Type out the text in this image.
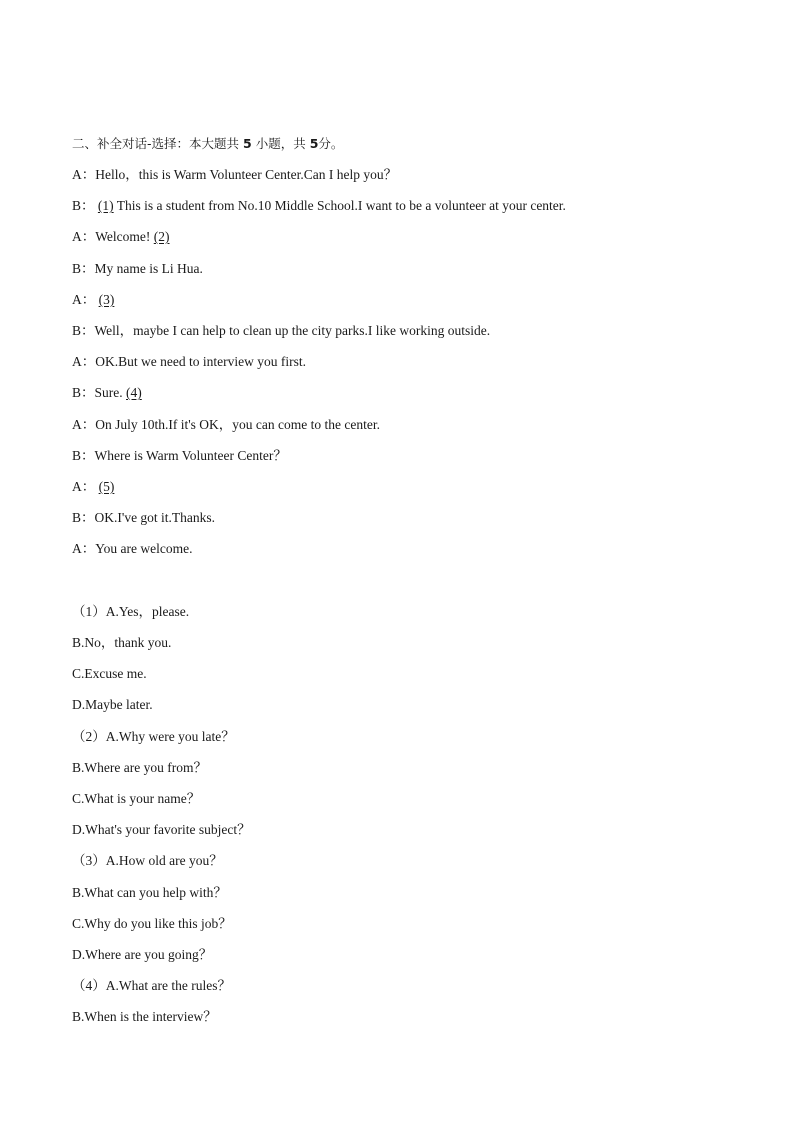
二、补全对话-选择：本大题共 5 小题，共 5分。
A：Hello，this is Warm Volunteer Center.Can I help you？
B： (1) This is a student from No.10 Middle School.I want to be a volunteer at your center.
A：Welcome! (2)
B：My name is Li Hua.
A： (3)
B：Well，maybe I can help to clean up the city parks.I like working outside.
A：OK.But we need to interview you first.
B：Sure. (4)
A：On July 10th.If it's OK，you can come to the center.
B：Where is Warm Volunteer Center？
A： (5)
B：OK.I've got it.Thanks.
A：You are welcome.
（1）A.Yes，please.
B.No，thank you.
C.Excuse me.
D.Maybe later.
（2）A.Why were you late？
B.Where are you from？
C.What is your name？
D.What's your favorite subject？
（3）A.How old are you？
B.What can you help with？
C.Why do you like this job？
D.Where are you going？
（4）A.What are the rules？
B.When is the interview？
